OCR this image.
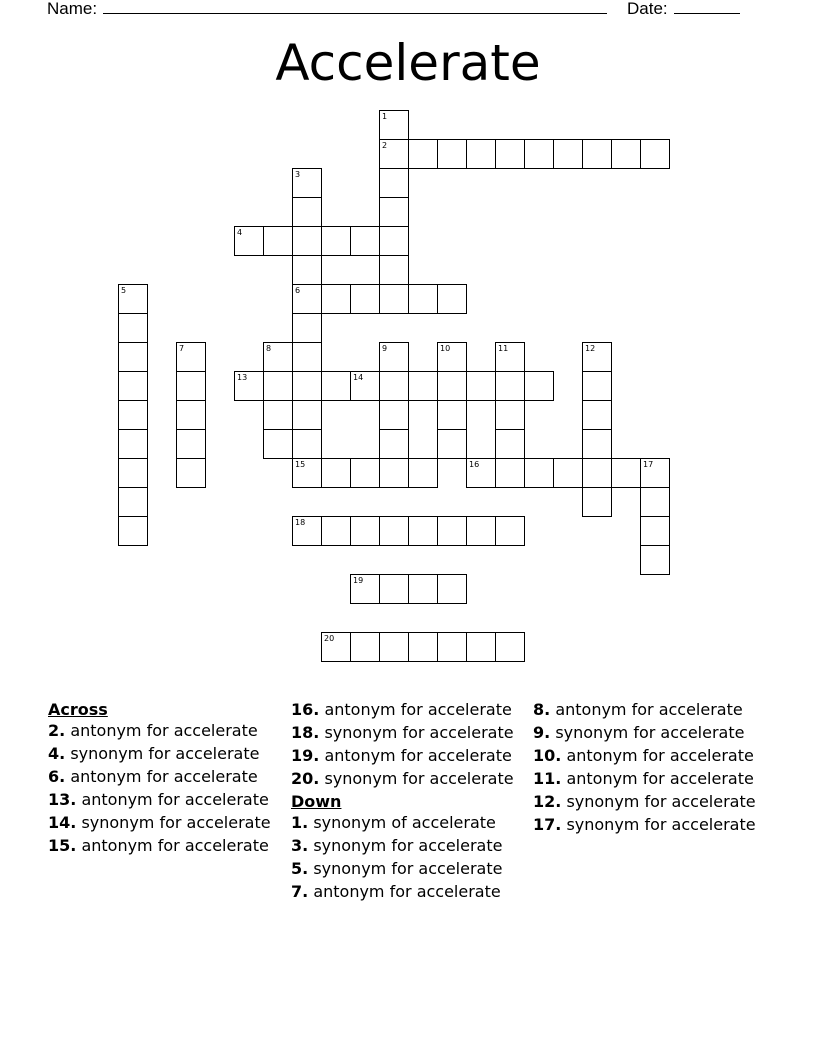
Name:	Date:
Accelerate
1
2
3
4
5	6
7	8	9	10	11	12
13	14
15	16	17
18
19
20
Across
2. antonym for accelerate
4. synonym for accelerate
6. antonym for accelerate
13. antonym for accelerate
14. synonym for accelerate
15. antonym for accelerate
16. antonym for accelerate
18. synonym for accelerate
19. antonym for accelerate
20. synonym for accelerate
Down
1. synonym of accelerate
3. synonym for accelerate
5. synonym for accelerate
7. antonym for accelerate
8. antonym for accelerate
9. synonym for accelerate
10. antonym for accelerate
11. antonym for accelerate
12. synonym for accelerate
17. synonym for accelerate
